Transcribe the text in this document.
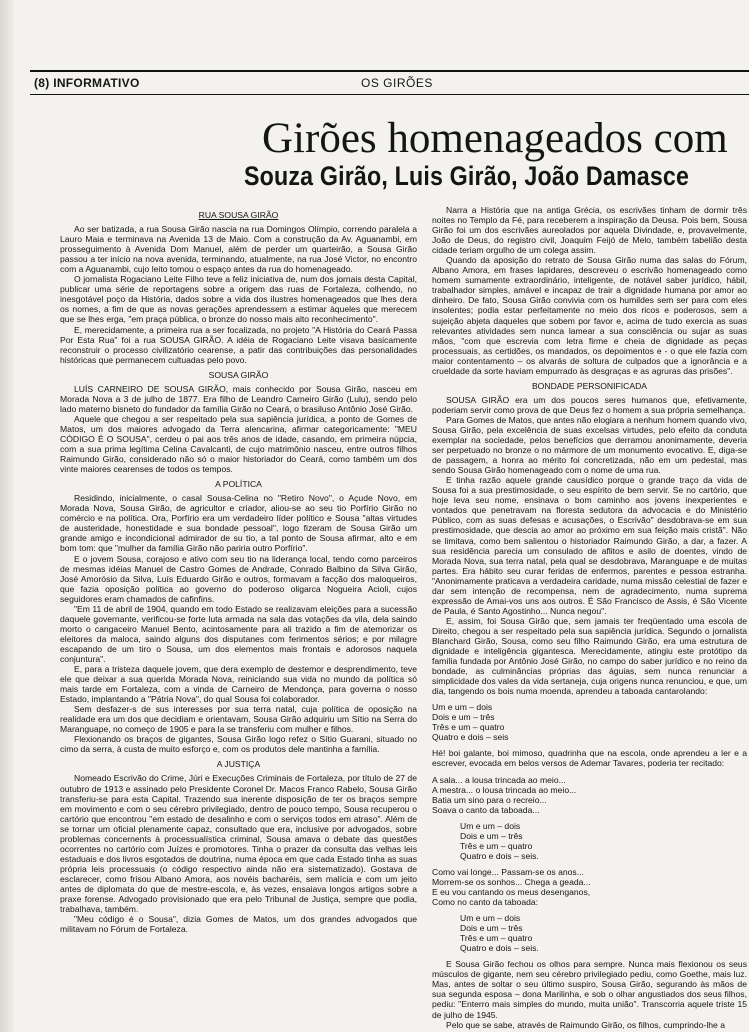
(8) INFORMATIVO	OS GIRÕES
Girões homenageados com
Souza Girão, Luis Girão, João Damasce

RUA SOUSA GIRÃO

Ao ser batizada, a rua Sousa Girão nascia na rua Domingos Olímpio, correndo paralela a Lauro Maia e terminava na Avenida 13 de Maio. Com a construção da Av. Aguanambi, em prosseguimento à Avenida Dom Manuel, além de perder um quarteirão, a Sousa Girão passou a ter início na nova avenida, terminando, atualmente, na rua José Victor, no encontro com a Aguanambi, cujo leito tomou o espaço antes da rua do homenageado.

O jornalista Rogaciano Leite Filho teve a feliz iniciativa de, num dos jornais desta Capital, publicar uma série de reportagens sobre a origem das ruas de Fortaleza, colhendo, no inesgotável poço da História, dados sobre a vida dos ilustres homenageados que lhes dera os nomes, a fim de que as novas gerações aprendessem a estimar àqueles que merecem que se lhes erga, "em praça pública, o bronze do nosso mais alto reconhecimento".

E, merecidamente, a primeira rua a ser focalizada, no projeto "A História do Ceará Passa Por Esta Rua" foi a rua SOUSA GIRÃO. A idéia de Rogaciano Leite visava basicamente reconstruir o processo civilizatório cearense, a patir das contribuições das personalidades históricas que permanecem cultuadas pelo povo.

SOUSA GIRÃO

LUÍS CARNEIRO DE SOUSA GIRÃO, mais conhecido por Sousa Girão, nasceu em Morada Nova a 3 de julho de 1877. Era filho de Leandro Carneiro Girão (Lulu), sendo pelo lado materno bisneto do fundador da família Girão no Ceará, o brasiluso Antônio José Girão.

Aquele que chegou a ser respeitado pela sua sapiência jurídica, a ponto de Gomes de Matos, um dos maiores advogado da Terra alencarina, afirmar categoricamente: "MEU CÓDIGO É O SOUSA", cerdeu o pai aos três anos de idade, casando, em primeira núpcia, com a sua prima legítima Celina Cavalcanti, de cujo matrimônio nasceu, entre outros filhos Raimundo Girão, considerado não só o maior historiador do Ceará, como também um dos vinte maiores cearenses de todos os tempos.

A POLÍTICA

Residindo, inicialmente, o casal Sousa-Celina no "Retiro Novo", o Açude Novo, em Morada Nova, Sousa Girão, de agricultor e criador, aliou-se ao seu tio Porfírio Girão no comércio e na política. Ora, Porfírio era um verdadeiro líder político e Sousa "altas virtudes de austeridade, honestidade e sua bondade pessoal", logo fizeram de Sousa Girão um grande amigo e incondicional admirador de su tio, a tal ponto de Sousa afirmar, alto e em bom tom: que "mulher da família Girão não pariria outro Porfírio".

E o jovem Sousa, corajoso e ativo com seu tio na liderança local, tendo como parceiros de mesmas idéias Manuel de Castro Gomes de Andrade, Conrado Balbino da Silva Girão, José Amorósio da Silva, Luís Eduardo Girão e outros, formavam a facção dos maloqueiros, que fazia oposição política ao governo do poderoso oligarca Nogueira Acioli, cujos seguidores eram chamados de cafinfins.

"Em 11 de abril de 1904, quando em todo Estado se realizavam eleições para a sucessão daquele governante, verificou-se forte luta armada na sala das votações da vila, dela saindo morto o cangaceiro Manuel Bento, acintosamente para ali trazido a fim de atemorizar os eleitores da maloca, saindo alguns dos disputanes com ferimentos sérios; e por milagre escapando de um tiro o Sousa, um dos elementos mais frontais e adorosos naquela conjuntura".

E, para a tristeza daquele jovem, que dera exemplo de destemor e desprendimento, teve ele que deixar a sua querida Morada Nova, reiniciando sua vida no mundo da política só mais tarde em Fortaleza, com a vinda de Carneiro de Mendonça, para governa o nosso Estado, implantando a "Pátria Nova", do qual Sousa foi colaborador.

Sem desfazer-s de sus interesses por sua terra natal, cuja política de oposição na realidade era um dos que decidiam e orientavam, Sousa Girão adquiriu um Sítio na Serra do Maranguape, no começo de 1905 e para la se transferiu com mulher e filhos.

Flexionando os braços de gigantes, Sousa Girão logo refez o Sítio Guarani, situado no cimo da serra, à custa de muito esforço e, com os produtos dele mantinha a família.

A JUSTIÇA

Nomeado Escrivão do Crime, Júri e Execuções Criminais de Fortaleza, por título de 27 de outubro de 1913 e assinado pelo Presidente Coronel Dr. Macos Franco Rabelo, Sousa Girão transferiu-se para esta Capital. Trazendo sua inerente disposição de ter os braços sempre em movimento e com o seu cérebro privilegiado, dentro de pouco tempo, Sousa recuperou o cartório que encontrou "em estado de desalinho e com o serviços todos em atraso". Além de se tornar um oficial plenamente capaz, consultado que era, inclusive por advogados, sobre problemas concernents à processualística criminal, Sousa amava o debate das questões ocorrentes no cartório com Juízes e promotores. Tinha o prazer da consulta das velhas leis estaduais e dos livros esgotados de doutrina, numa época em que cada Estado tinha as suas própria leis processuais (o código respectivo ainda não era sistematizado). Gostava de esclarecer, como frisou Albano Amora, aos novéis bacharéis, sem malícia e com um jeito antes de diplomata do que de mestre-escola, e, às vezes, ensaiava longos artigos sobre a praxe forense. Advogado provisionado que era pelo Tribunal de Justiça, sempre que podia, trabalhava, também.

"Meu código é o Sousa", dizia Gomes de Matos, um dos grandes advogados que militavam no Fórum de Fortaleza.

Narra a História que na antiga Grécia, os escrivães tinham de dormir três noites no Templo da Fé, para receberem a inspiração da Deusa. Pois bem, Sousa Girão foi um dos escrivães aureolados por aquela Divindade, e, provavelmente, João de Deus, do registro civil, Joaquim Feijó de Melo, também tabelião desta cidade teriam orgulho de um colega assim.

Quando da aposição do retrato de Sousa Girão numa das salas do Fórum, Albano Amora, em frases lapidares, descreveu o escrivão homenageado como homem sumamente extraordinário, inteligente, de notável saber jurídico, hábil, trabalhador simples, amável e incapaz de trair a dignidade humana por amor ao dinheiro. De fato, Sousa Girão convivia com os humildes sem ser para com eles insolentes; podia estar perfeitamente no meio dos ricos e poderosos, sem a sujeição abjeta daqueles que sobem por favor e, acima de tudo exercia as suas relevantes atividades sem nunca lamear a sua consciência ou sujar as suas mãos, "com que escrevia com letra firme e cheia de dignidade as peças processuais, as certidões, os mandados, os depoimentos e - o que ele fazia com maior contentamento – os alvarás de soltura de culpados que a ignorância e a crueldade da sorte haviam empurrado às desgraças e as agruras das prisões".

BONDADE PERSONIFICADA

SOUSA GIRÃO era um dos poucos seres humanos que, efetivamente, poderiam servir como prova de que Deus fez o homem a sua própria semelhança.

Para Gomes de Matos, que antes não elogiara a nenhum homem quando vivo, Sousa Girão, pela excelência de suas excelsas virtudes, pelo efeito da conduta exemplar na sociedade, pelos benefícios que derramou anonimamente, deveria ser perpetuado no bronze o no mármore de um monumento evocativo. E, diga-se de passagem, a honra ao mérito foi concretizada, não em um pedestal, mas sendo Sousa Girão homenageado com o nome de uma rua.

E tinha razão aquele grande causídico porque o grande traço da vida de Sousa foi a sua prestimosidade, o seu espírito de bem servir. Se no cartório, que hoje leva seu nome, ensinava o bom caminho aos jovens inexperientes e vontados que penetravam na floresta sedutora da advocacia e do Ministério Público, com as suas defesas e acusações, o Escrivão" desdobrava-se em sua prestimosidade, que descia ao amor ao próximo em sua feição mais cristã". Não se limitava, como bem salientou o historiador Raimundo Girão, a dar, a fazer. A sua residência parecia um consulado de aflitos e asilo de doentes, vindo de Morada Nova, sua terra natal, pela qual se desdobrava, Maranguape e de muitas partes. Era hábito seu curar feridas de enfermos, parentes e pessoa estranha. "Anonimamente praticava a verdadeira caridade, numa missão celestial de fazer e dar sem intenção de recompensa, nem de agradecimento, numa suprema expressão de Amai-vos uns aos outros. É São Francisco de Assis, é São Vicente de Paula, é Santo Agostinho... Nunca negou".

E, assim, foi Sousa Girão que, sem jamais ter freqüentado uma escola de Direito, chegou a ser respeitado pela sua sapiência jurídica. Segundo o jornalista Blanchard Girão, Sousa, como seu filho Raimundo Girão, era uma estrutura de dignidade e inteligência gigantesca. Merecidamente, atingiu este protótipo da família fundada por Antônio José Girão, no campo do saber jurídico e no reino da bondade, as culminâncias próprias das águias, sem nunca renunciar a simplicidade dos vales da vida sertaneja, cuja origens nunca renunciou, e que, um dia, tangendo os bois numa moenda, aprendeu a taboada cantarolando:

Um e um – dois
Dois e um – três
Três e um – quatro
Quatro e dois – seis

Hé! boi galante, boi mimoso, quadrinha que na escola, onde aprendeu a ler e a escrever, evocada em belos versos de Ademar Tavares, poderia ter recitado:

A sala... a lousa trincada ao meio...
A mestra... o lousa trincada ao meio...
Batia um sino para o recreio...
Soava o canto da taboada...
Um e um – dois
Dois e um – três
Três e um – quatro
Quatro e dois – seis.
Como vai longe... Passam-se os anos...
Morrem-se os sonhos... Chega a geada...
E eu vou cantando os meus desenganos,
Como no canto da taboada:
Um e um – dois
Dois e um – três
Três e um – quatro
Quatro e dois – seis.

E Sousa Girão fechou os olhos para sempre. Nunca mais flexionou os seus músculos de gigante, nem seu cérebro privilegiado pediu, como Goethe, mais luz. Mas, antes de soltar o seu último suspiro, Sousa Girão, segurando às mãos de sua segunda esposa – dona Marilinha, e sob o olhar angustiados dos seus filhos, pediu: "Enterro mais simples do mundo, muita união". Transcorria aquele triste 15 de julho de 1945.

Pelo que se sabe, através de Raimundo Girão, os filhos, cumprindo-lhe a
